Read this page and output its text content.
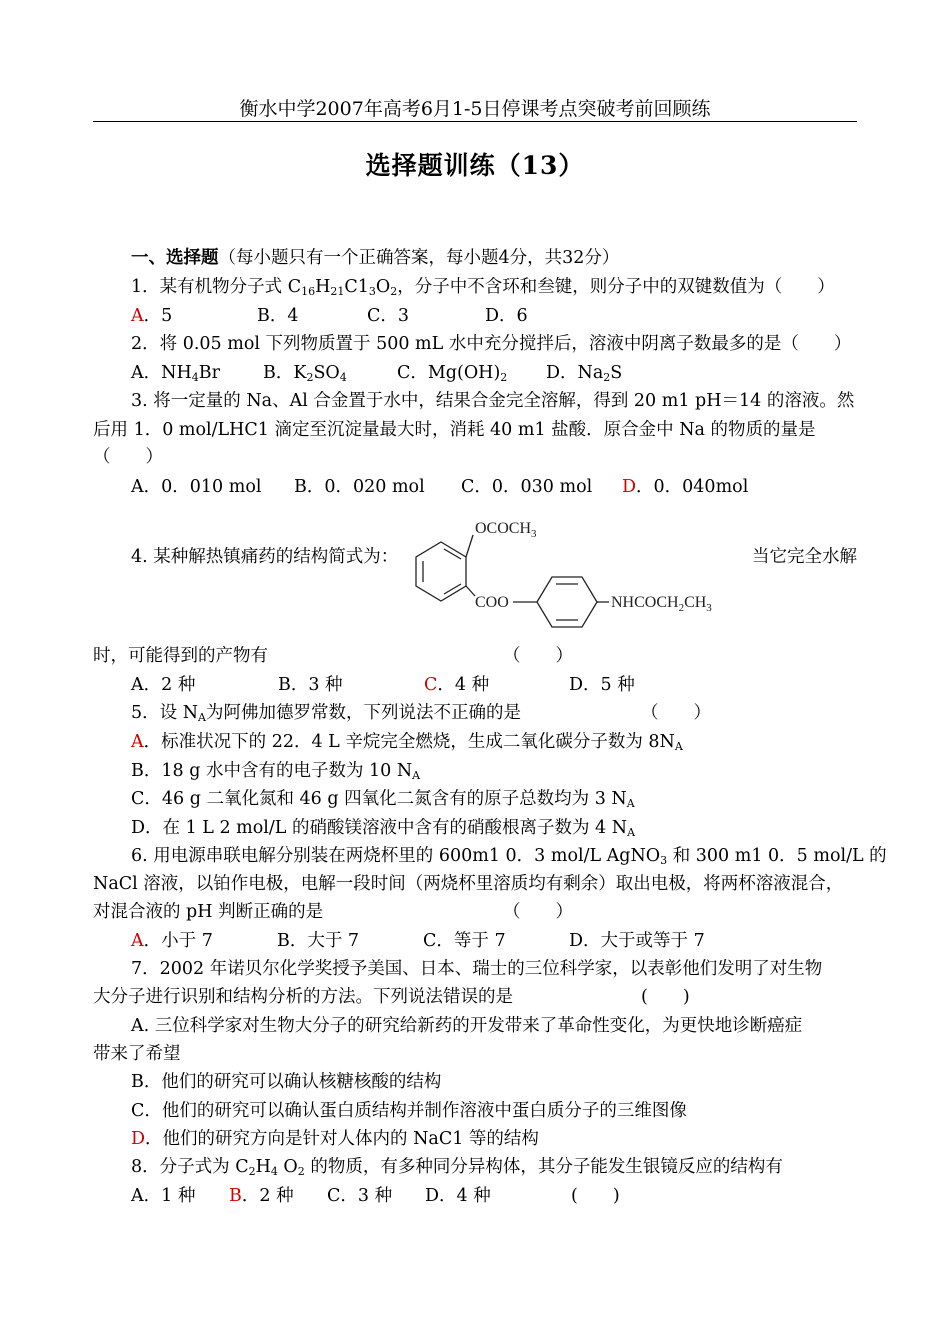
衡水中学2007年高考6月1-5日停课考点突破考前回顾练
选择题训练（13）
一、选择题（每小题只有一个正确答案，每小题4分，共32分）
1．某有机物分子式 $C_{16}H_{21}C1_3O_2$，分子中不含环和叁键，则分子中的双键数值为（　　）
A．5	B．4	C．3	D．6
2．将 0.05 mol 下列物质置于 500 mL 水中充分搅拌后，溶液中阴离子数最多的是（　　）
A．$NH_4Br$ B．$K_2SO_4$	C．$Mg(OH)_2$ D．$Na_2S$
3. 将一定量的 Na、Al 合金置于水中，结果合金完全溶解，得到 20 m1 pH＝14 的溶液。然
后用 1．0 mol/LHC1 滴定至沉淀量最大时，消耗 40 m1 盐酸．原合金中 Na 的物质的量是
（　　）
A．0．010 mol B．0．020 mol C．0．030 mol D．0．040mol
4. 某种解热镇痛药的结构简式为：	当它完全水解
$OCOCH_3$
COO	$NHCOCH_2CH_3$
时，可能得到的产物有	（　　）
A．2 种	B．3 种	C．4 种	D．5 种
5．设 $N_A$为阿佛加德罗常数，下列说法不正确的是	（　　）
A．标准状况下的 22．4 L 辛烷完全燃烧，生成二氧化碳分子数为 $8N_A$
B．18 g 水中含有的电子数为 10 $N_A$
C．46 g 二氧化氮和 46 g 四氧化二氮含有的原子总数均为 3 $N_A$
D．在 1 L 2 mol/L 的硝酸镁溶液中含有的硝酸根离子数为 4 $N_A$
6. 用电源串联电解分别装在两烧杯里的 600m1 0．3 mol/L AgNO$_3$ 和 300 m1 0．5 mol/L 的
NaCl 溶液，以铂作电极，电解一段时间（两烧杯里溶质均有剩余）取出电极，将两杯溶液混合，
对混合液的 pH 判断正确的是	（　　）
A．小于 7	B．大于 7	C．等于 7	D．大于或等于 7
7．2002 年诺贝尔化学奖授予美国、日本、瑞士的三位科学家，以表彰他们发明了对生物
大分子进行识别和结构分析的方法。下列说法错误的是	(　　)
A. 三位科学家对生物大分子的研究给新药的开发带来了革命性变化，为更快地诊断癌症
带来了希望
B．他们的研究可以确认核糖核酸的结构
C．他们的研究可以确认蛋白质结构并制作溶液中蛋白质分子的三维图像
D．他们的研究方向是针对人体内的 NaC1 等的结构
8．分子式为 $C_2H_4$ $O_2$ 的物质，有多种同分异构体，其分子能发生银镜反应的结构有
A．1 种 B．2 种 C．3 种 D．4 种	(　　)
